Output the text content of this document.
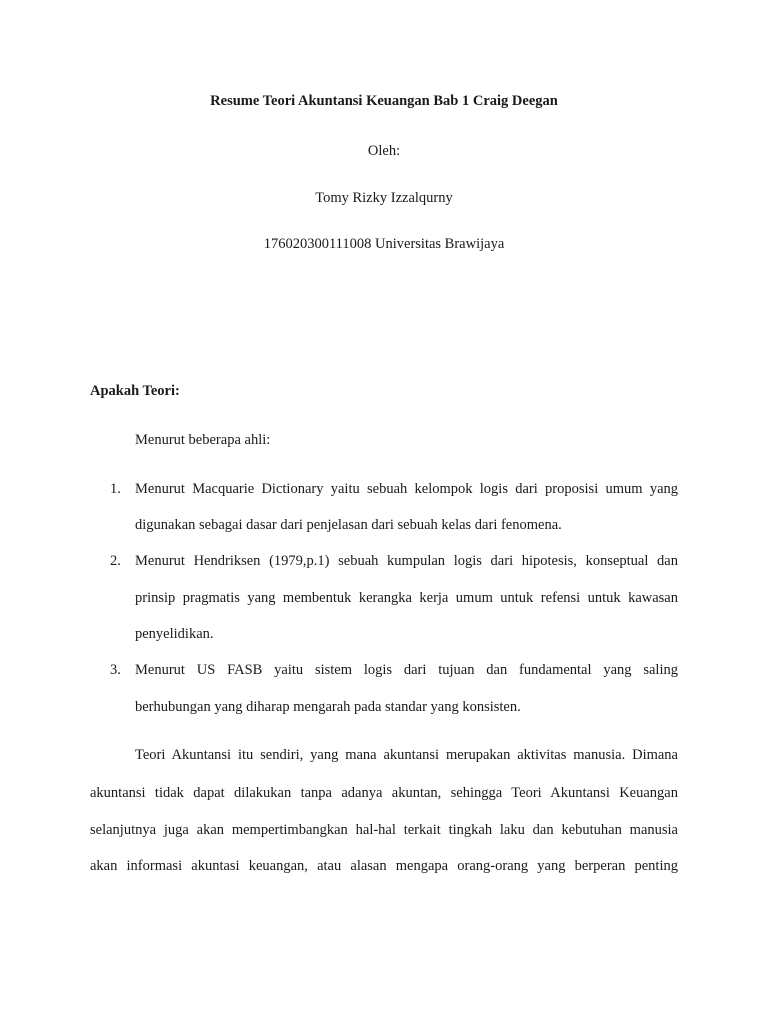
Resume Teori Akuntansi Keuangan Bab 1 Craig Deegan
Oleh:
Tomy Rizky Izzalqurny
176020300111008 Universitas Brawijaya
Apakah Teori:
Menurut beberapa ahli:
1. Menurut Macquarie Dictionary yaitu sebuah kelompok logis dari proposisi umum yang
digunakan sebagai dasar dari penjelasan dari sebuah kelas dari fenomena.
2. Menurut Hendriksen (1979,p.1) sebuah kumpulan logis dari hipotesis, konseptual dan
prinsip pragmatis yang membentuk kerangka kerja umum untuk refensi untuk kawasan
penyelidikan.
3. Menurut US FASB yaitu sistem logis dari tujuan dan fundamental yang saling
berhubungan yang diharap mengarah pada standar yang konsisten.
Teori Akuntansi itu sendiri, yang mana akuntansi merupakan aktivitas manusia. Dimana
akuntansi tidak dapat dilakukan tanpa adanya akuntan, sehingga Teori Akuntansi Keuangan
selanjutnya juga akan mempertimbangkan hal-hal terkait tingkah laku dan kebutuhan manusia
akan informasi akuntasi keuangan, atau alasan mengapa orang-orang yang berperan penting
